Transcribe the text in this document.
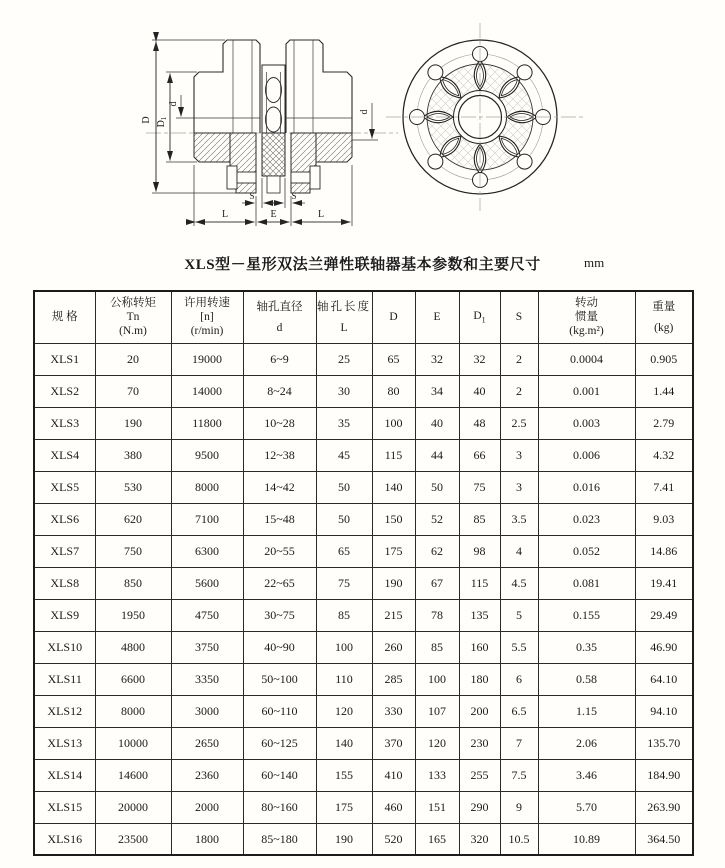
D
$D_1$
d
d
S	S
L	E	L
XLS型－星形双法兰弹性联轴器基本参数和主要尺寸	mm
规 格

公称转矩
Tn
(N.m)

许用转速
[n]
(r/min)

轴孔直径
d

轴孔长度
L

D	E	$D_1$	S

转动
惯量
(kg.m²)

重量
(kg)

XLS1	20	19000	6~9	25	65	32	32	2	0.0004	0.905
XLS2	70	14000	8~24	30	80	34	40	2	0.001	1.44
XLS3	190	11800	10~28	35	100	40	48	2.5	0.003	2.79
XLS4	380	9500	12~38	45	115	44	66	3	0.006	4.32
XLS5	530	8000	14~42	50	140	50	75	3	0.016	7.41
XLS6	620	7100	15~48	50	150	52	85	3.5	0.023	9.03
XLS7	750	6300	20~55	65	175	62	98	4	0.052	14.86
XLS8	850	5600	22~65	75	190	67	115	4.5	0.081	19.41
XLS9	1950	4750	30~75	85	215	78	135	5	0.155	29.49
XLS10	4800	3750	40~90	100	260	85	160	5.5	0.35	46.90
XLS11	6600	3350	50~100	110	285	100	180	6	0.58	64.10
XLS12	8000	3000	60~110	120	330	107	200	6.5	1.15	94.10
XLS13	10000	2650	60~125	140	370	120	230	7	2.06	135.70
XLS14	14600	2360	60~140	155	410	133	255	7.5	3.46	184.90
XLS15	20000	2000	80~160	175	460	151	290	9	5.70	263.90
XLS16	23500	1800	85~180	190	520	165	320	10.5	10.89	364.50
